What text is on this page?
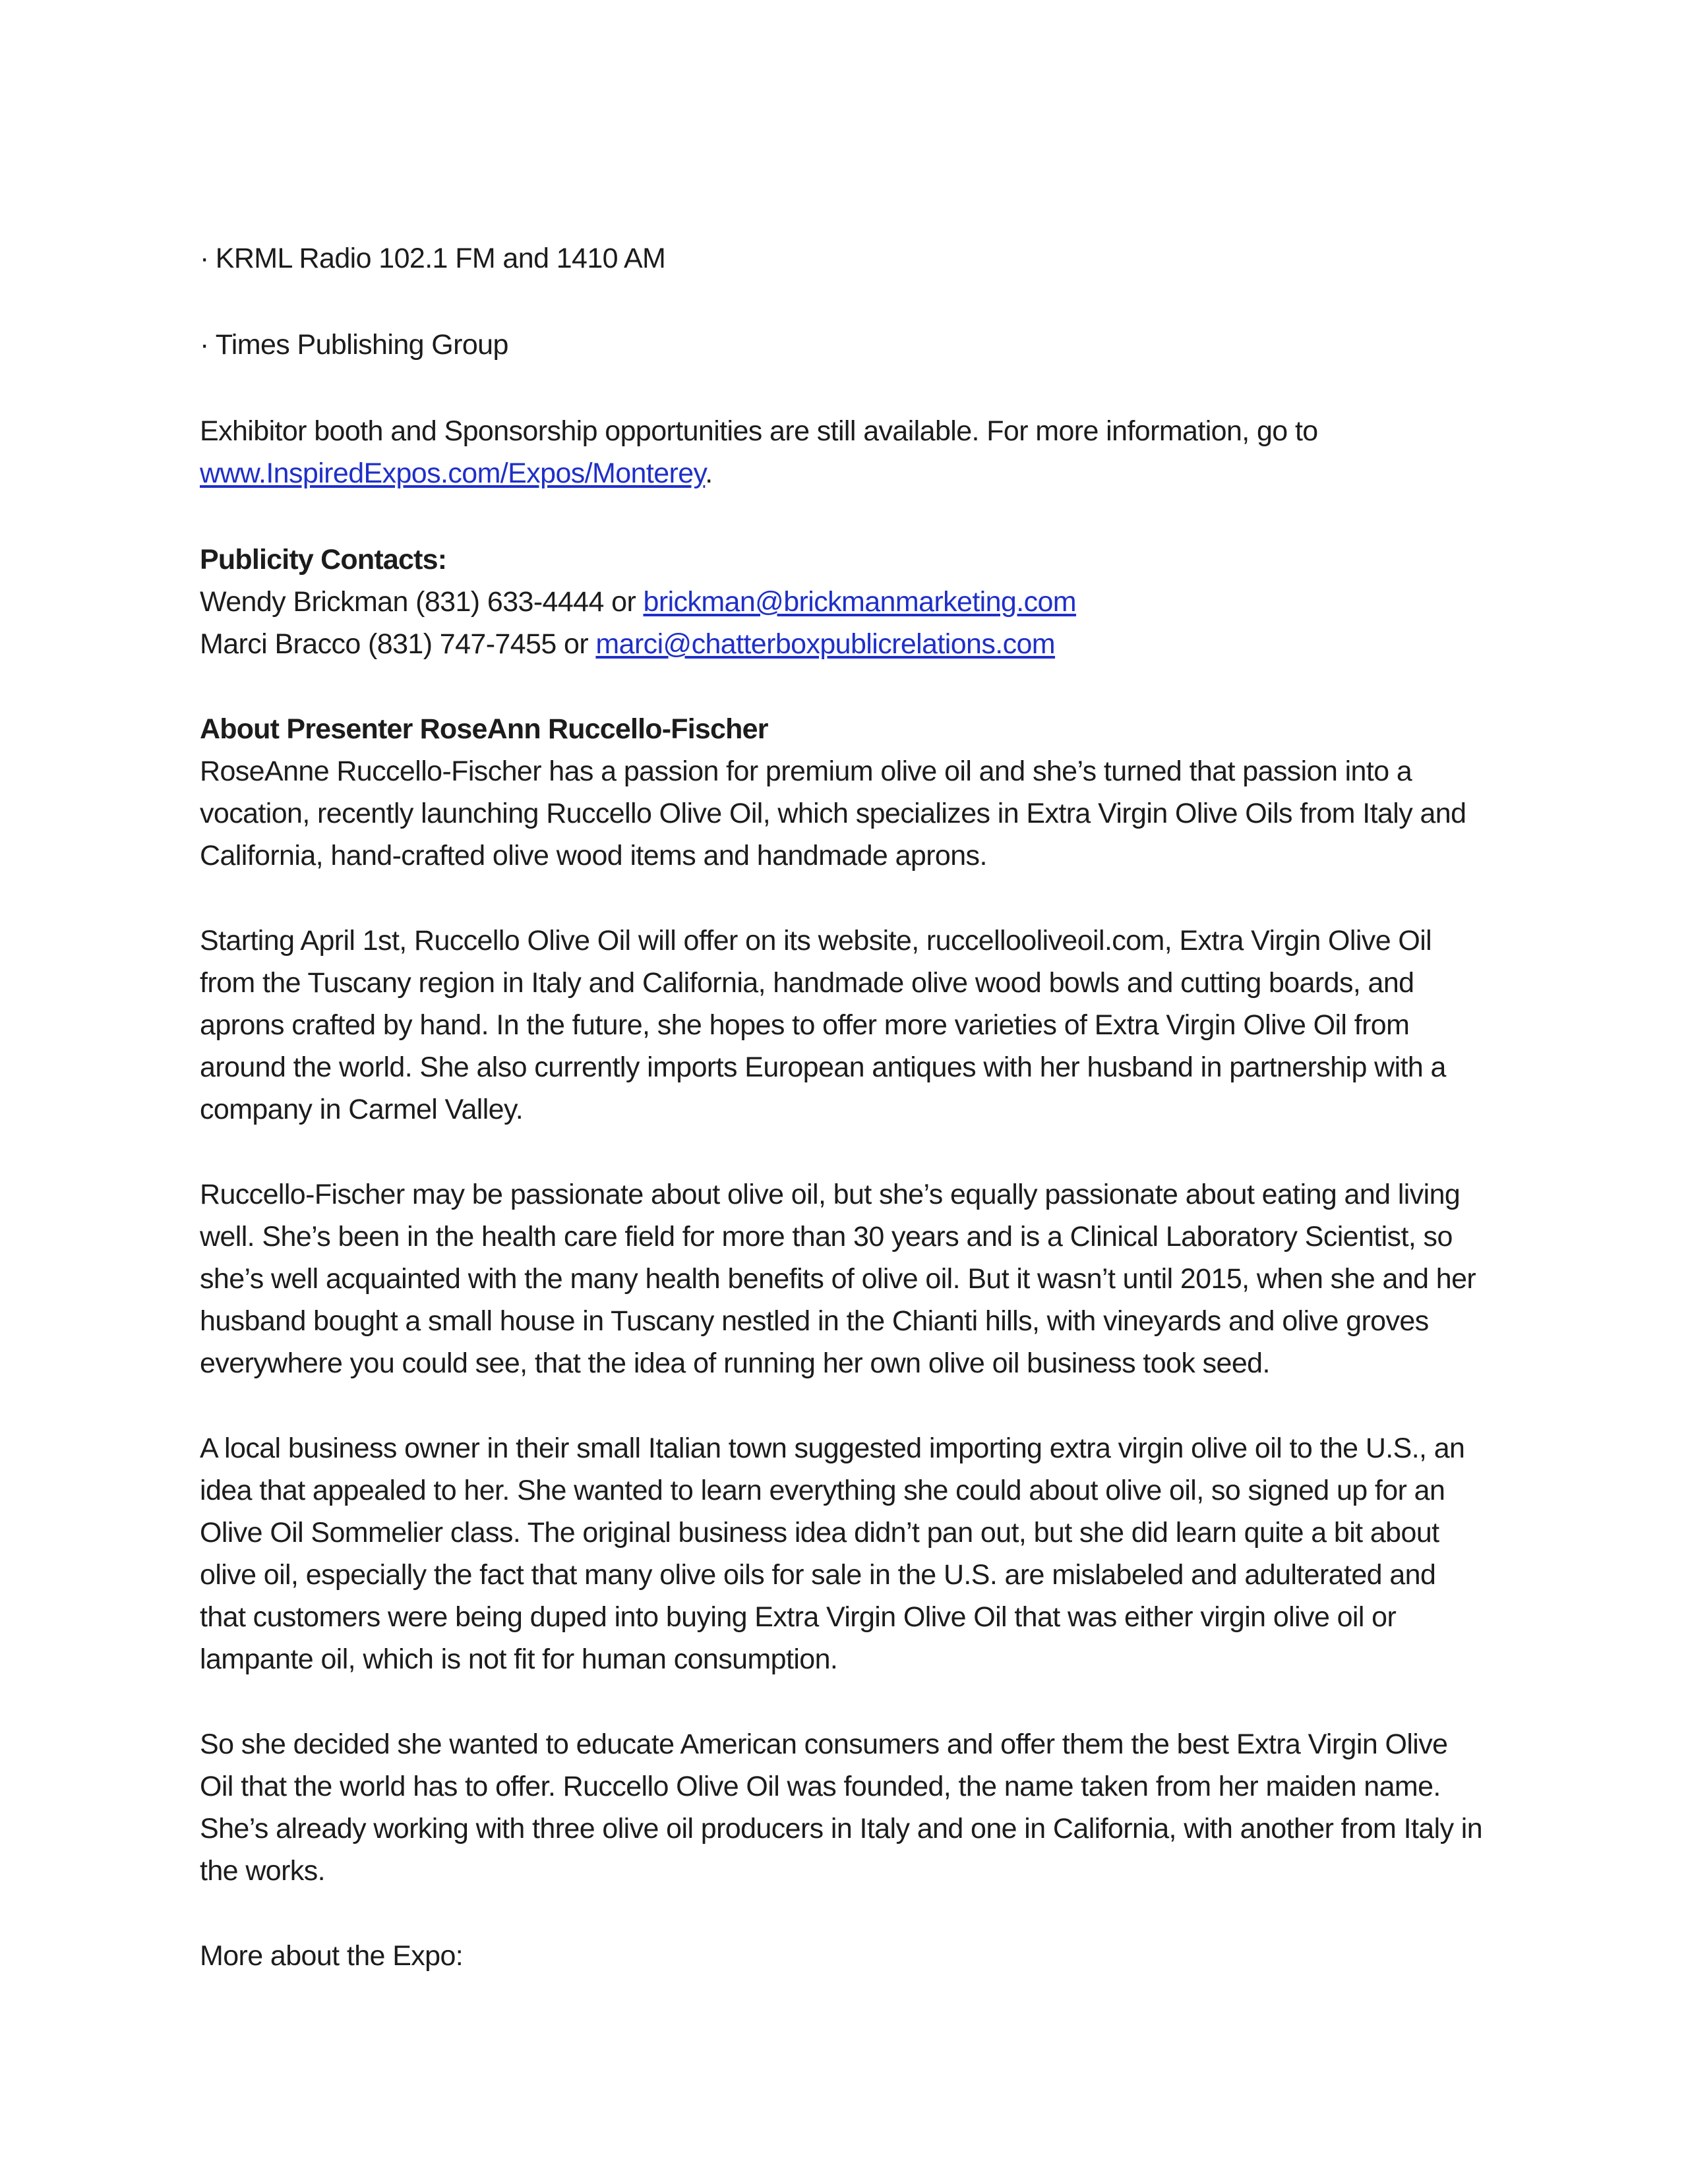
· KRML Radio 102.1 FM and 1410 AM
· Times Publishing Group
Exhibitor booth and Sponsorship opportunities are still available. For more information, go to
www.InspiredExpos.com/Expos/Monterey.
Publicity Contacts:
Wendy Brickman (831) 633-4444 or brickman@brickmanmarketing.com
Marci Bracco (831) 747-7455 or marci@chatterboxpublicrelations.com
About Presenter RoseAnn Ruccello-Fischer

RoseAnne Ruccello-Fischer has a passion for premium olive oil and she’s turned that passion into a vocation, recently launching Ruccello Olive Oil, which specializes in Extra Virgin Olive Oils from Italy and California, hand-crafted olive wood items and handmade aprons.

Starting April 1st, Ruccello Olive Oil will offer on its website, ruccellooliveoil.com, Extra Virgin Olive Oil from the Tuscany region in Italy and California, handmade olive wood bowls and cutting boards, and aprons crafted by hand. In the future, she hopes to offer more varieties of Extra Virgin Olive Oil from around the world. She also currently imports European antiques with her husband in partnership with a company in Carmel Valley.

Ruccello-Fischer may be passionate about olive oil, but she’s equally passionate about eating and living well. She’s been in the health care field for more than 30 years and is a Clinical Laboratory Scientist, so she’s well acquainted with the many health benefits of olive oil. But it wasn’t until 2015, when she and her husband bought a small house in Tuscany nestled in the Chianti hills, with vineyards and olive groves everywhere you could see, that the idea of running her own olive oil business took seed.

A local business owner in their small Italian town suggested importing extra virgin olive oil to the U.S., an idea that appealed to her. She wanted to learn everything she could about olive oil, so signed up for an Olive Oil Sommelier class. The original business idea didn’t pan out, but she did learn quite a bit about olive oil, especially the fact that many olive oils for sale in the U.S. are mislabeled and adulterated and that customers were being duped into buying Extra Virgin Olive Oil that was either virgin olive oil or lampante oil, which is not fit for human consumption.

So she decided she wanted to educate American consumers and offer them the best Extra Virgin Olive Oil that the world has to offer. Ruccello Olive Oil was founded, the name taken from her maiden name. She’s already working with three olive oil producers in Italy and one in California, with another from Italy in the works.

More about the Expo:
